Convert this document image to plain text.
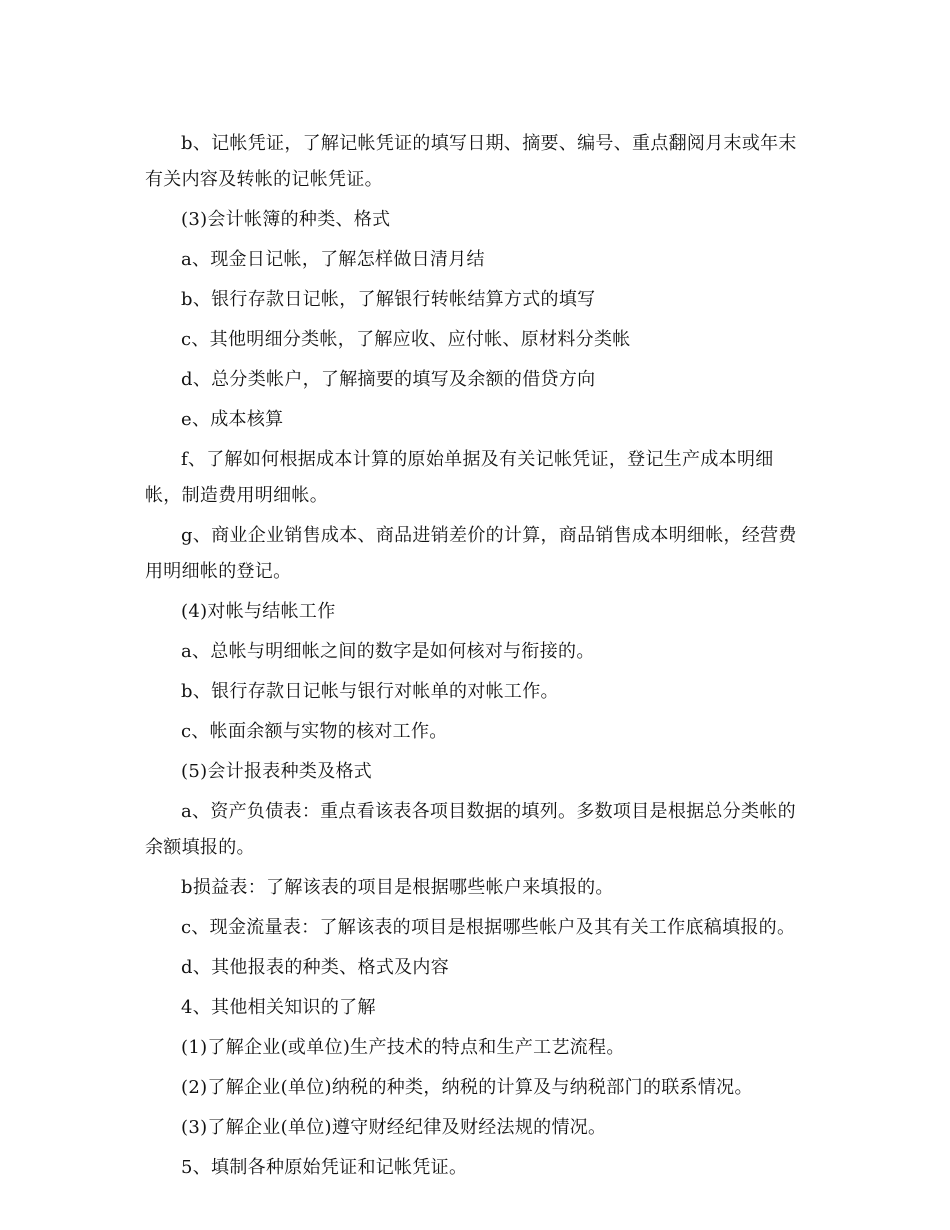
b、记帐凭证，了解记帐凭证的填写日期、摘要、编号、重点翻阅月末或年末有关内容及转帐的记帐凭证。

(3)会计帐簿的种类、格式

a、现金日记帐，了解怎样做日清月结

b、银行存款日记帐，了解银行转帐结算方式的填写

c、其他明细分类帐，了解应收、应付帐、原材料分类帐

d、总分类帐户，了解摘要的填写及余额的借贷方向

e、成本核算

f、了解如何根据成本计算的原始单据及有关记帐凭证，登记生产成本明细帐，制造费用明细帐。

g、商业企业销售成本、商品进销差价的计算，商品销售成本明细帐，经营费用明细帐的登记。

(4)对帐与结帐工作

a、总帐与明细帐之间的数字是如何核对与衔接的。

b、银行存款日记帐与银行对帐单的对帐工作。

c、帐面余额与实物的核对工作。

(5)会计报表种类及格式

a、资产负债表：重点看该表各项目数据的填列。多数项目是根据总分类帐的余额填报的。

b损益表：了解该表的项目是根据哪些帐户来填报的。

c、现金流量表：了解该表的项目是根据哪些帐户及其有关工作底稿填报的。

d、其他报表的种类、格式及内容

4、其他相关知识的了解

(1)了解企业(或单位)生产技术的特点和生产工艺流程。

(2)了解企业(单位)纳税的种类，纳税的计算及与纳税部门的联系情况。

(3)了解企业(单位)遵守财经纪律及财经法规的情况。

5、填制各种原始凭证和记帐凭证。
